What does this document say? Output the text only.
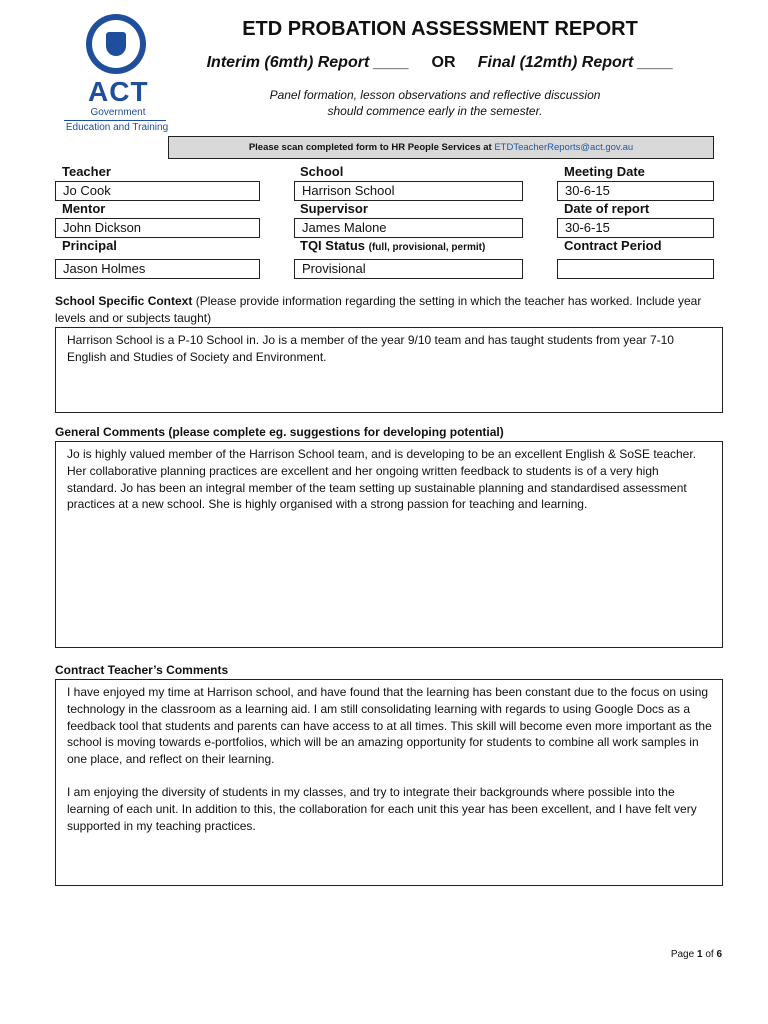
ACT
Government
Education and Training
ETD PROBATION ASSESSMENT REPORT
Interim (6mth) Report ____ OR Final (12mth) Report ____
Panel formation, lesson observations and reflective discussion
should commence early in the semester.
Please scan completed form to HR People Services at ETDTeacherReports@act.gov.au
Teacher	School	Meeting Date
Jo Cook	Harrison School	30-6-15
Mentor	Supervisor	Date of report
John Dickson	James Malone	30-6-15
Principal	TQI Status (full, provisional, permit)	Contract Period
Jason Holmes	Provisional
School Specific Context (Please provide information regarding the setting in which the teacher has worked. Include year levels and or subjects taught)

Harrison School is a P-10 School in. Jo is a member of the year 9/10 team and has taught students from year 7-10 English and Studies of Society and Environment.

General Comments (please complete eg. suggestions for developing potential)

Jo is highly valued member of the Harrison School team, and is developing to be an excellent English & SoSE teacher. Her collaborative planning practices are excellent and her ongoing written feedback to students is of a very high standard. Jo has been an integral member of the team setting up sustainable planning and standardised assessment practices at a new school. She is highly organised with a strong passion for teaching and learning.

Contract Teacher’s Comments

I have enjoyed my time at Harrison school, and have found that the learning has been constant due to the focus on using technology in the classroom as a learning aid. I am still consolidating learning with regards to using Google Docs as a feedback tool that students and parents can have access to at all times. This skill will become even more important as the school is moving towards e-portfolios, which will be an amazing opportunity for students to combine all work samples in one place, and reflect on their learning.

I am enjoying the diversity of students in my classes, and try to integrate their backgrounds where possible into the learning of each unit. In addition to this, the collaboration for each unit this year has been excellent, and I have felt very supported in my teaching practices.

Page 1 of 6
